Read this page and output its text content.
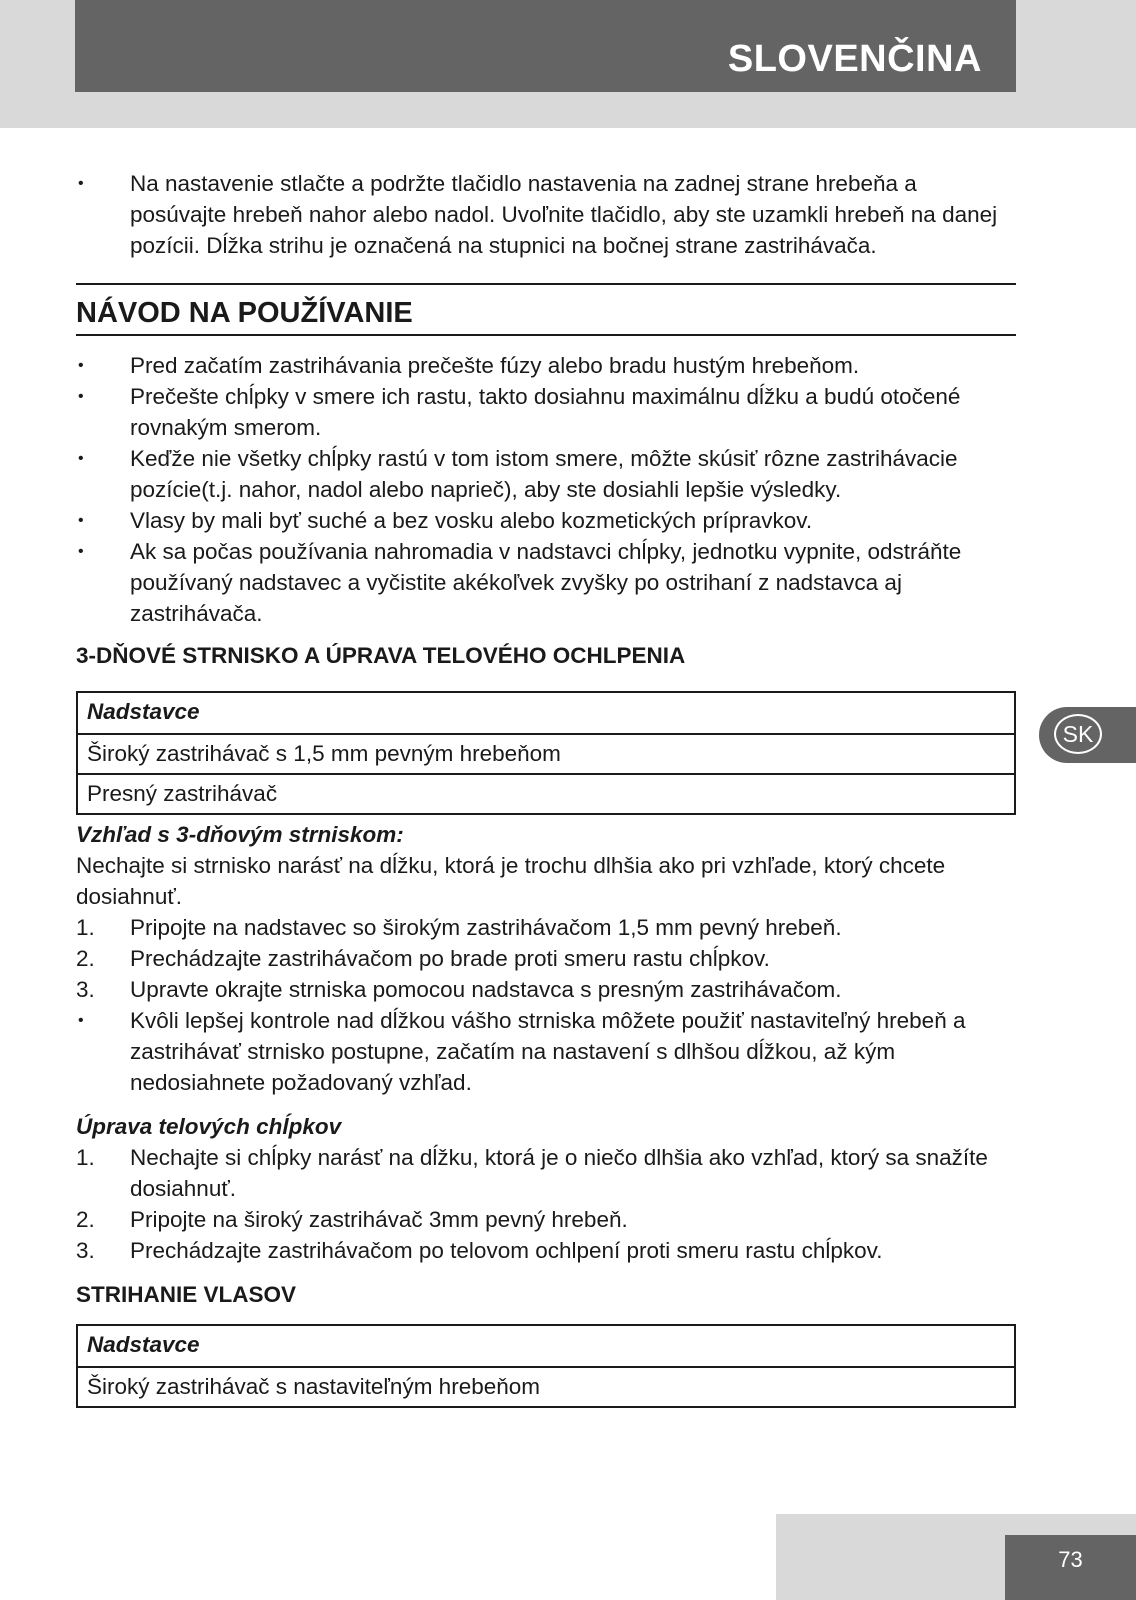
SLOVENČINA
SK
• Na nastavenie stlačte a podržte tlačidlo nastavenia na zadnej strane hrebeňa a posúvajte hrebeň nahor alebo nadol. Uvoľnite tlačidlo, aby ste uzamkli hrebeň na danej pozícii. Dĺžka strihu je označená na stupnici na bočnej strane zastrihávača.
NÁVOD NA POUŽÍVANIE
• Pred začatím zastrihávania prečešte fúzy alebo bradu hustým hrebeňom.
• Prečešte chĺpky v smere ich rastu, takto dosiahnu maximálnu dĺžku a budú otočené rovnakým smerom.
• Keďže nie všetky chĺpky rastú v tom istom smere, môžte skúsiť rôzne zastrihávacie pozície(t.j. nahor, nadol alebo naprieč), aby ste dosiahli lepšie výsledky.
• Vlasy by mali byť suché a bez vosku alebo kozmetických prípravkov.
• Ak sa počas používania nahromadia v nadstavci chĺpky, jednotku vypnite, odstráňte používaný nadstavec a vyčistite akékoľvek zvyšky po ostrihaní z nadstavca aj zastrihávača.
3-DŇOVÉ STRNISKO A ÚPRAVA TELOVÉHO OCHLPENIA
Nadstavce
Široký zastrihávač s 1,5 mm pevným hrebeňom
Presný zastrihávač
Vzhľad s 3-dňovým strniskom:
Nechajte si strnisko narásť na dĺžku, ktorá je trochu dlhšia ako pri vzhľade, ktorý chcete dosiahnuť.
1. Pripojte na nadstavec so širokým zastrihávačom 1,5 mm pevný hrebeň.
2. Prechádzajte zastrihávačom po brade proti smeru rastu chĺpkov.
3. Upravte okrajte strniska pomocou nadstavca s presným zastrihávačom.
• Kvôli lepšej kontrole nad dĺžkou vášho strniska môžete použiť nastaviteľný hrebeň a zastrihávať strnisko postupne, začatím na nastavení s dlhšou dĺžkou, až kým nedosiahnete požadovaný vzhľad.
Úprava telových chĺpkov
1. Nechajte si chĺpky narásť na dĺžku, ktorá je o niečo dlhšia ako vzhľad, ktorý sa snažíte dosiahnuť.
2. Pripojte na široký zastrihávač 3mm pevný hrebeň.
3. Prechádzajte zastrihávačom po telovom ochlpení proti smeru rastu chĺpkov.
STRIHANIE VLASOV
Nadstavce
Široký zastrihávač s nastaviteľným hrebeňom
73
